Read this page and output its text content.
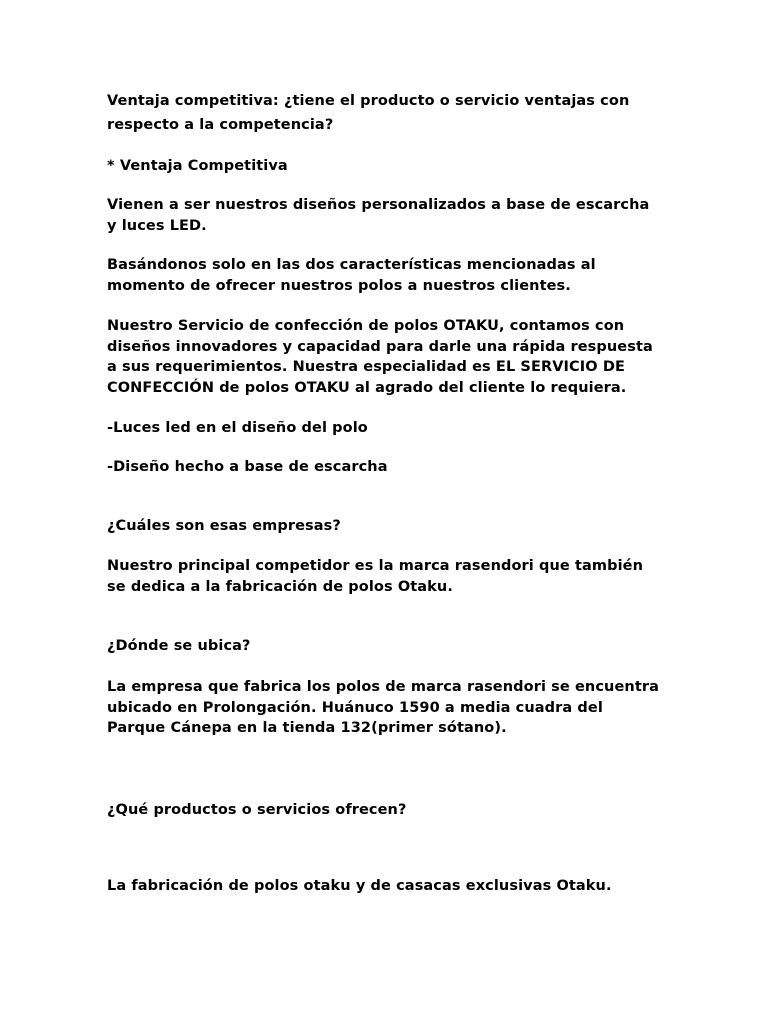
Ventaja competitiva: ¿tiene el producto o servicio ventajas con
respecto a la competencia?

* Ventaja Competitiva

Vienen a ser nuestros diseños personalizados a base de escarcha
y luces LED.

Basándonos solo en las dos características mencionadas al
momento de ofrecer nuestros polos a nuestros clientes.

Nuestro Servicio de confección de polos OTAKU, contamos con
diseños innovadores y capacidad para darle una rápida respuesta
a sus requerimientos. Nuestra especialidad es EL SERVICIO DE
CONFECCIÓN de polos OTAKU al agrado del cliente lo requiera.

-Luces led en el diseño del polo

-Diseño hecho a base de escarcha

¿Cuáles son esas empresas?

Nuestro principal competidor es la marca rasendori que también
se dedica a la fabricación de polos Otaku.

¿Dónde se ubica?

La empresa que fabrica los polos de marca rasendori se encuentra
ubicado en Prolongación. Huánuco 1590 a media cuadra del
Parque Cánepa en la tienda 132(primer sótano).

¿Qué productos o servicios ofrecen?

La fabricación de polos otaku y de casacas exclusivas Otaku.
